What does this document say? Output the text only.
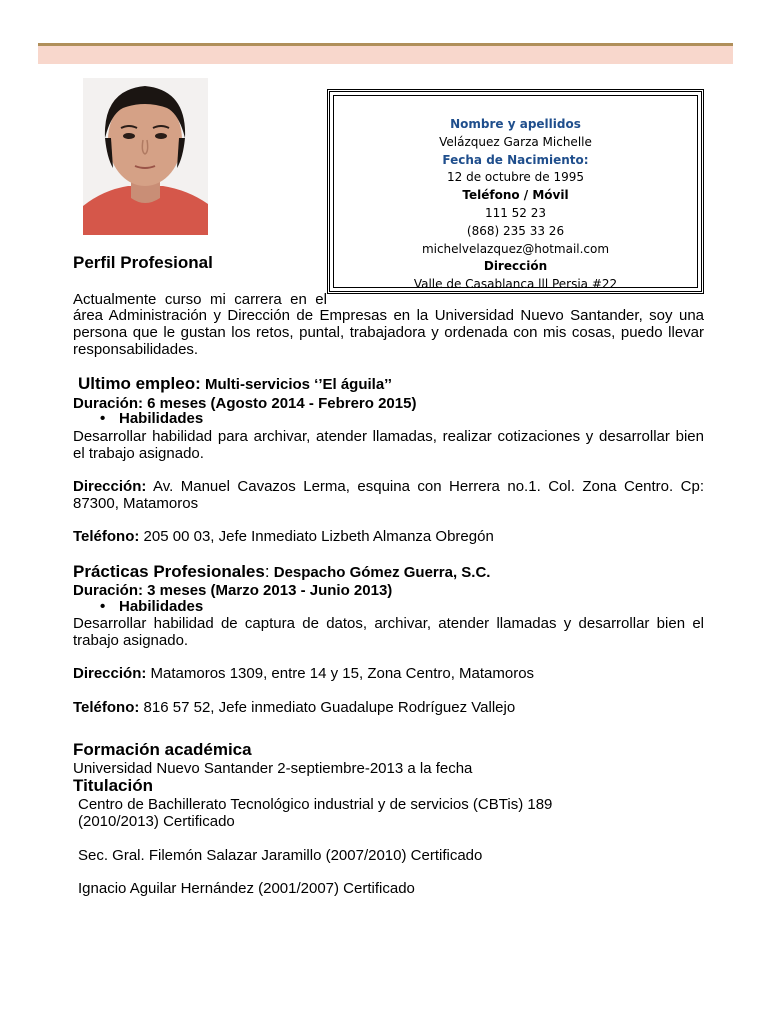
Nombre y apellidos
Velázquez Garza Michelle
Fecha de Nacimiento:
12 de octubre de 1995
Teléfono / Móvil
111 52 23
(868) 235 33 26
michelvelazquez@hotmail.com
Dirección
Valle de Casablanca lll Persia #22
Perfil Profesional
Actualmente curso mi carrera en el
área Administración y Dirección de Empresas en la Universidad Nuevo Santander, soy una persona que le gustan los retos, puntal, trabajadora y ordenada con mis cosas, puedo llevar responsabilidades.
Ultimo empleo: Multi-servicios ‘’El águila’’
Duración: 6 meses (Agosto 2014 - Febrero 2015)
• Habilidades
Desarrollar habilidad para archivar, atender llamadas, realizar cotizaciones y desarrollar bien el trabajo asignado.
Dirección: Av. Manuel Cavazos Lerma, esquina con Herrera no.1. Col. Zona Centro. Cp: 87300, Matamoros
Teléfono: 205 00 03, Jefe Inmediato Lizbeth Almanza Obregón
Prácticas Profesionales: Despacho Gómez Guerra, S.C.
Duración: 3 meses (Marzo 2013 - Junio 2013)
• Habilidades
Desarrollar habilidad de captura de datos, archivar, atender llamadas y desarrollar bien el trabajo asignado.
Dirección: Matamoros 1309, entre 14 y 15, Zona Centro, Matamoros
Teléfono: 816 57 52, Jefe inmediato Guadalupe Rodríguez Vallejo
Formación académica
Universidad Nuevo Santander 2-septiembre-2013 a la fecha
Titulación
Centro de Bachillerato Tecnológico industrial y de servicios (CBTis) 189
(2010/2013) Certificado
Sec. Gral. Filemón Salazar Jaramillo (2007/2010) Certificado
Ignacio Aguilar Hernández (2001/2007) Certificado
